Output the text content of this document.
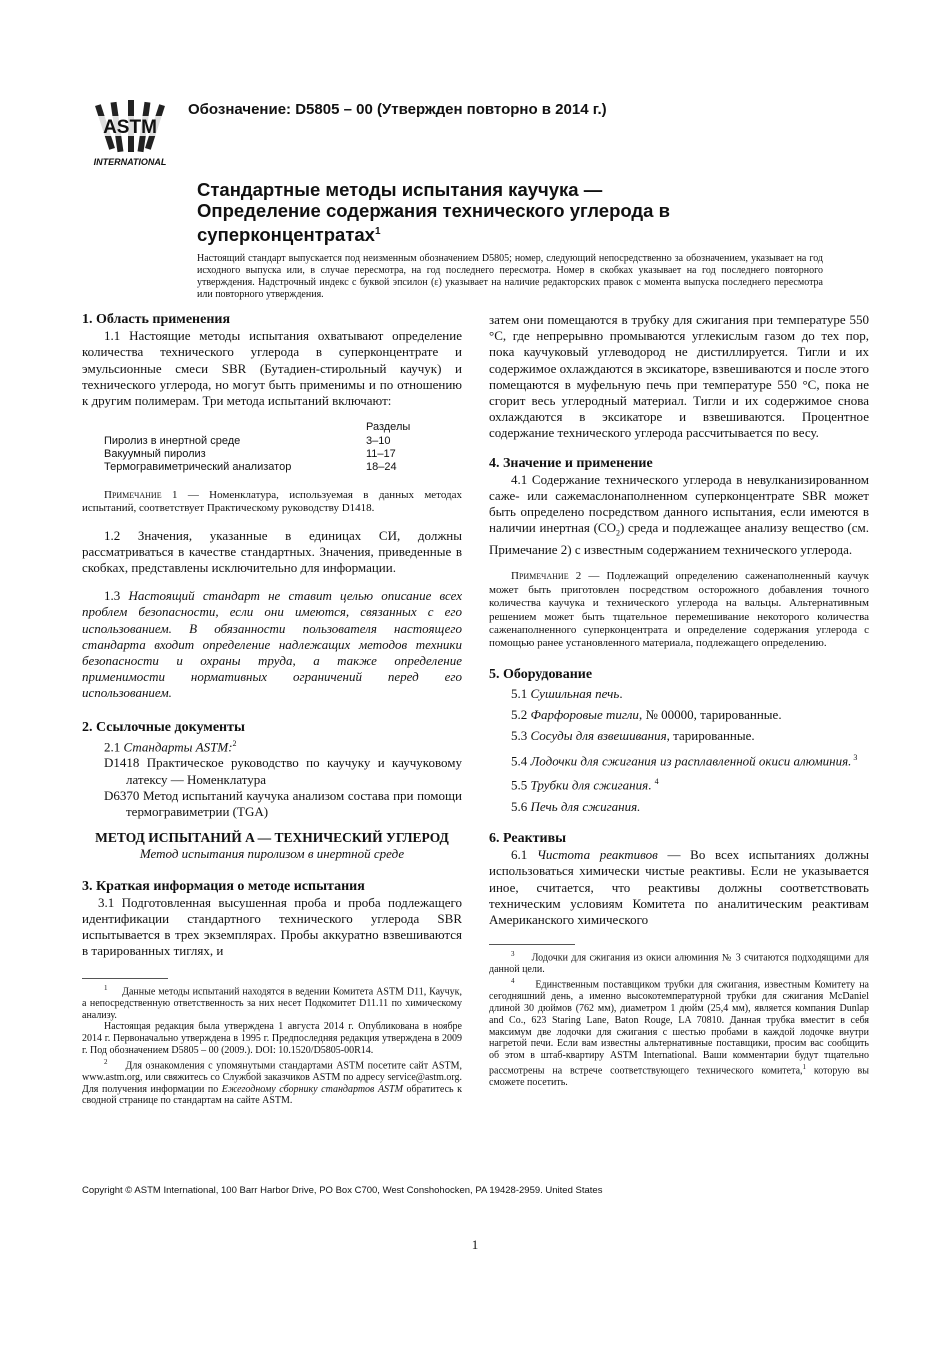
ASTM
INTERNATIONAL
Обозначение: D5805 – 00 (Утвержден повторно в 2014 г.)
Стандартные методы испытания каучука —
Определение содержания технического углерода в
суперконцентратах$^1$
Настоящий стандарт выпускается под неизменным обозначением D5805; номер, следующий непосредственно за обозначением, указывает на год исходного выпуска или, в случае пересмотра, на год последнего пересмотра. Номер в скобках указывает на год последнего повторного утверждения. Надстрочный индекс с буквой эпсилон (ε) указывает на наличие редакторских правок с момента выпуска последнего пересмотра или повторного утверждения.

1. Область применения

1.1 Настоящие методы испытания охватывают определение количества технического углерода в суперконцентрате и эмульсионные смеси SBR (Бутадиен-стирольный каучук) и технического углерода, но могут быть применимы и по отношению к другим полимерам. Три метода испытаний включают:

	Разделы
Пиролиз в инертной среде	3–10
Вакуумный пиролиз	11–17
Термогравиметрический анализатор	18–24

Примечание 1 — Номенклатура, используемая в данных методах испытаний, соответствует Практическому руководству D1418.

1.2 Значения, указанные в единицах СИ, должны рассматриваться в качестве стандартных. Значения, приведенные в скобках, представлены исключительно для информации.

1.3 Настоящий стандарт не ставит целью описание всех проблем безопасности, если они имеются, связанных с его использованием. В обязанности пользователя настоящего стандарта входит определение надлежащих методов техники безопасности и охраны труда, а также определение применимости нормативных ограничений перед его использованием.

2. Ссылочные документы

2.1 Стандарты ASTM:$^2$

D1418 Практическое руководство по каучуку и каучуковому латексу — Номенклатура

D6370 Метод испытаний каучука анализом состава при помощи термогравиметрии (TGA)

МЕТОД ИСПЫТАНИЙ A — ТЕХНИЧЕСКИЙ УГЛЕРОД

Метод испытания пиролизом в инертной среде

3. Краткая информация о методе испытания

3.1 Подготовленная высушенная проба и проба подлежащего идентификации стандартного технического углерода SBR испытывается в трех экземплярах. Пробы аккуратно взвешиваются в тарированных тиглях, и

$^1$ Данные методы испытаний находятся в ведении Комитета ASTM D11, Каучук, а непосредственную ответственность за них несет Подкомитет D11.11 по химическому анализу.

Настоящая редакция была утверждена 1 августа 2014 г. Опубликована в ноябре 2014 г. Первоначально утверждена в 1995 г. Предпоследняя редакция утверждена в 2009 г. Под обозначением D5805 – 00 (2009.). DOI: 10.1520/D5805-00R14.

$^2$ Для ознакомления с упомянутыми стандартами ASTM посетите сайт ASTM, www.astm.org, или свяжитесь со Службой заказчиков ASTM по адресу service@astm.org. Для получения информации по Ежегодному сборнику стандартов ASTM обратитесь к сводной странице по стандартам на сайте ASTM.

затем они помещаются в трубку для сжигания при температуре 550 °C, где непрерывно промываются углекислым газом до тех пор, пока каучуковый углеводород не дистиллируется. Тигли и их содержимое охлаждаются в эксикаторе, взвешиваются и после этого помещаются в муфельную печь при температуре 550 °C, пока не сгорит весь углеродный материал. Тигли и их содержимое снова охлаждаются в эксикаторе и взвешиваются. Процентное содержание технического углерода рассчитывается по весу.

4. Значение и применение

4.1 Содержание технического углерода в невулканизированном саже- или сажемаслонаполненном суперконцентрате SBR может быть определено посредством данного испытания, если имеются в наличии инертная $(CO_2)$ среда и подлежащее анализу вещество (см. Примечание 2) с известным содержанием технического углерода.

Примечание 2 — Подлежащий определению саженаполненный каучук может быть приготовлен посредством осторожного добавления точного количества каучука и технического углерода на вальцы. Альтернативным решением может быть тщательное перемешивание некоторого количества саженаполненного суперконцентрата и определение содержания углерода с помощью ранее установленного материала, подлежащего определению.

5. Оборудование

5.1 Сушильная печь.

5.2 Фарфоровые тигли, № 00000, тарированные.

5.3 Сосуды для взвешивания, тарированные.

5.4 Лодочки для сжигания из расплавленной окиси алюминия. $^3$

5.5 Трубки для сжигания. $^4$

5.6 Печь для сжигания.

6. Реактивы

6.1 Чистота реактивов — Во всех испытаниях должны использоваться химически чистые реактивы. Если не указывается иное, считается, что реактивы должны соответствовать техническим условиям Комитета по аналитическим реактивам Американского химического

$^3$ Лодочки для сжигания из окиси алюминия № 3 считаются подходящими для данной цели.

$^4$ Единственным поставщиком трубки для сжигания, известным Комитету на сегодняшний день, а именно высокотемпературной трубки для сжигания McDaniel длиной 30 дюймов (762 мм), диаметром 1 дюйм (25,4 мм), является компания Dunlap and Co., 623 Staring Lane, Baton Rouge, LA 70810. Данная трубка вместит в себя максимум две лодочки для сжигания с шестью пробами в каждой лодочке внутри нагретой печи. Если вам известны альтернативные поставщики, просим вас сообщить об этом в штаб-квартиру ASTM International. Ваши комментарии будут тщательно рассмотрены на встрече соответствующего технического комитета,$^1$ которую вы сможете посетить.

Copyright © ASTM International, 100 Barr Harbor Drive, PO Box C700, West Conshohocken, PA 19428-2959. United States
1
